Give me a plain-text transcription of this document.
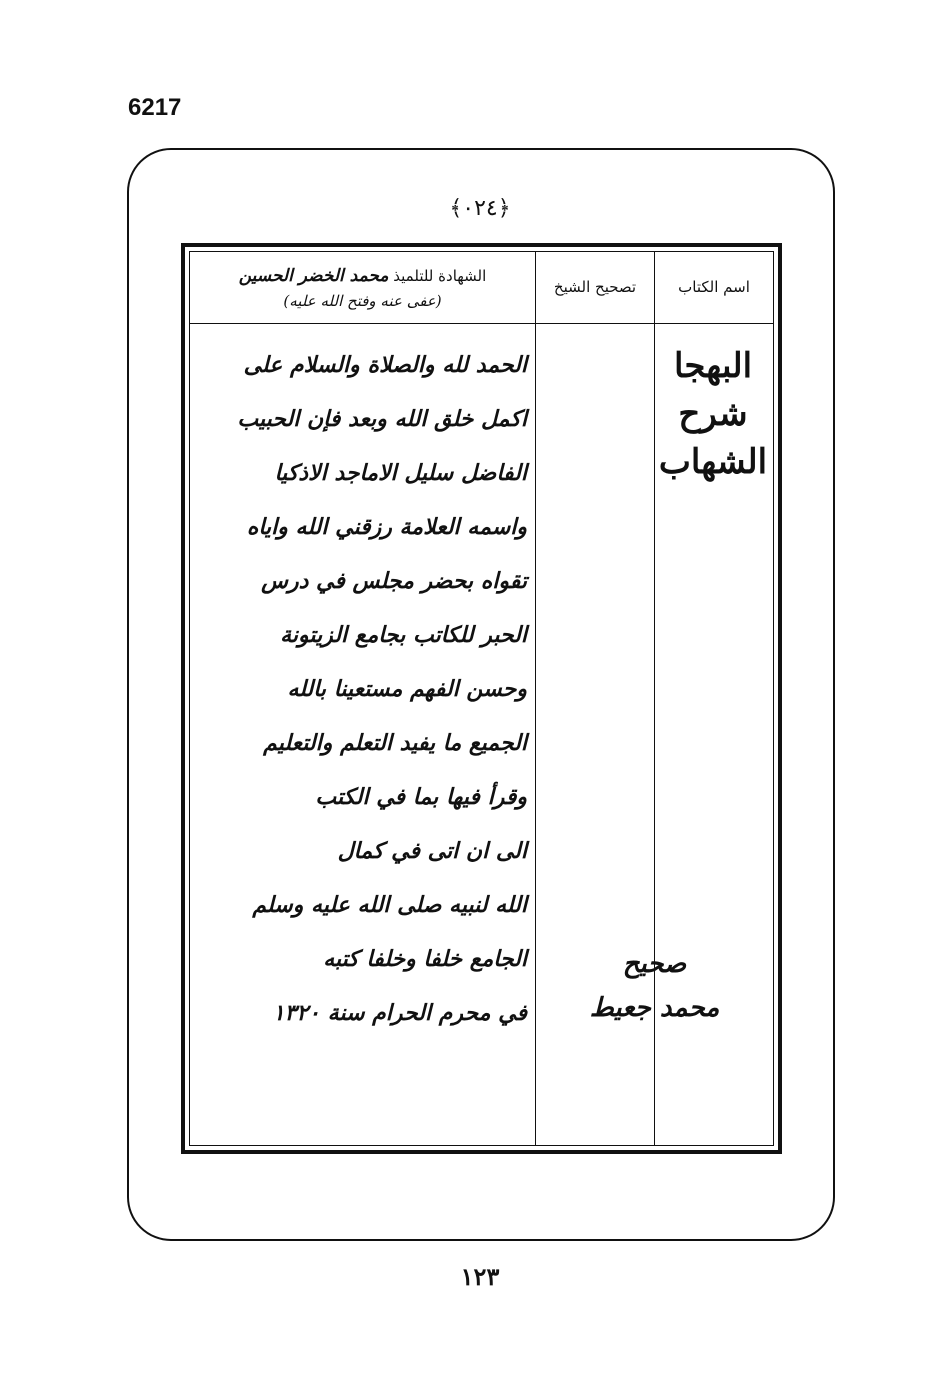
6217
﴿٠٢٤﴾
اسم الكتاب
تصحيح الشيخ
الشهادة للتلميذ محمد الخضر الحسين
(عفى عنه وفتح الله عليه)
البهجا
شرح
الشهاب
الحمد لله والصلاة والسلام على
اكمل خلق الله وبعد فإن الحبيب
الفاضل سليل الاماجد الاذكيا
واسمه العلامة رزقني الله واياه
تقواه بحضر مجلس في درس
الحبر للكاتب بجامع الزيتونة
وحسن الفهم مستعينا بالله
الجميع ما يفيد التعلم والتعليم
وقرأ فيها بما في الكتب
الى ان اتى في كمال
الله لنبيه صلى الله عليه وسلم
الجامع خلفا وخلفا كتبه
في محرم الحرام سنة ١٣٢٠
صحيح
محمد جعيط
١٢٣
